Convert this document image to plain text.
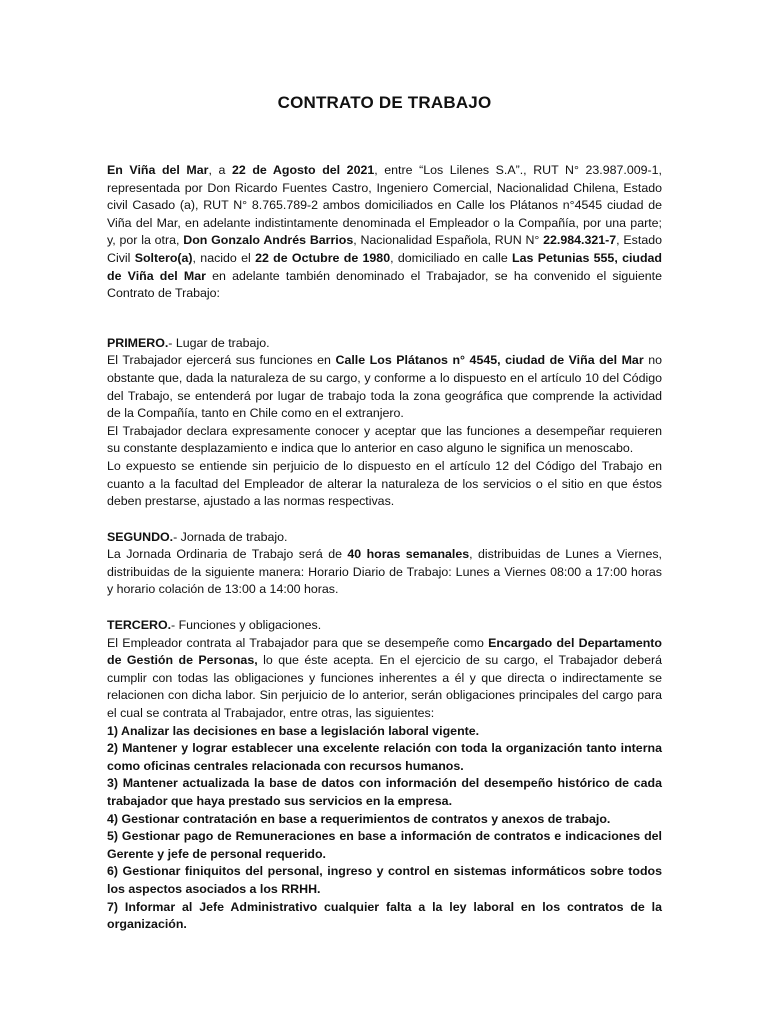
CONTRATO DE TRABAJO

En Viña del Mar, a 22 de Agosto del 2021, entre “Los Lilenes S.A”., RUT N° 23.987.009-1, representada por Don Ricardo Fuentes Castro, Ingeniero Comercial, Nacionalidad Chilena, Estado civil Casado (a), RUT N° 8.765.789-2 ambos domiciliados en Calle los Plátanos n°4545 ciudad de Viña del Mar, en adelante indistintamente denominada el Empleador o la Compañía, por una parte; y, por la otra, Don Gonzalo Andrés Barrios, Nacionalidad Española, RUN N° 22.984.321-7, Estado Civil Soltero(a), nacido el 22 de Octubre de 1980, domiciliado en calle Las Petunias 555, ciudad de Viña del Mar en adelante también denominado el Trabajador, se ha convenido el siguiente Contrato de Trabajo:

PRIMERO.- Lugar de trabajo.

El Trabajador ejercerá sus funciones en Calle Los Plátanos n° 4545, ciudad de Viña del Mar no obstante que, dada la naturaleza de su cargo, y conforme a lo dispuesto en el artículo 10 del Código del Trabajo, se entenderá por lugar de trabajo toda la zona geográfica que comprende la actividad de la Compañía, tanto en Chile como en el extranjero.

El Trabajador declara expresamente conocer y aceptar que las funciones a desempeñar requieren su constante desplazamiento e indica que lo anterior en caso alguno le significa un menoscabo.

Lo expuesto se entiende sin perjuicio de lo dispuesto en el artículo 12 del Código del Trabajo en cuanto a la facultad del Empleador de alterar la naturaleza de los servicios o el sitio en que éstos deben prestarse, ajustado a las normas respectivas.

SEGUNDO.- Jornada de trabajo.

La Jornada Ordinaria de Trabajo será de 40 horas semanales, distribuidas de Lunes a Viernes, distribuidas de la siguiente manera: Horario Diario de Trabajo: Lunes a Viernes 08:00 a 17:00 horas y horario colación de 13:00 a 14:00 horas.

TERCERO.- Funciones y obligaciones.

El Empleador contrata al Trabajador para que se desempeñe como Encargado del Departamento de Gestión de Personas, lo que éste acepta. En el ejercicio de su cargo, el Trabajador deberá cumplir con todas las obligaciones y funciones inherentes a él y que directa o indirectamente se relacionen con dicha labor. Sin perjuicio de lo anterior, serán obligaciones principales del cargo para el cual se contrata al Trabajador, entre otras, las siguientes:

1) Analizar las decisiones en base a legislación laboral vigente.

2) Mantener y lograr establecer una excelente relación con toda la organización tanto interna como oficinas centrales relacionada con recursos humanos.

3) Mantener actualizada la base de datos con información del desempeño histórico de cada trabajador que haya prestado sus servicios en la empresa.

4) Gestionar contratación en base a requerimientos de contratos y anexos de trabajo.

5) Gestionar pago de Remuneraciones en base a información de contratos e indicaciones del Gerente y jefe de personal requerido.

6) Gestionar finiquitos del personal, ingreso y control en sistemas informáticos sobre todos los aspectos asociados a los RRHH.

7) Informar al Jefe Administrativo cualquier falta a la ley laboral en los contratos de la organización.
